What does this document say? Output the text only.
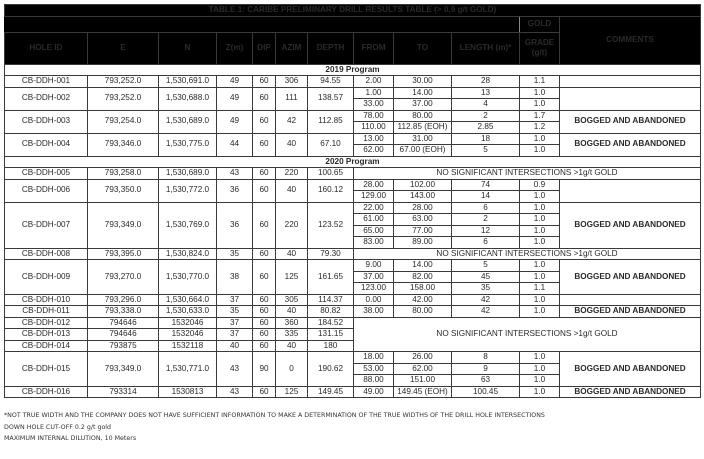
TABLE 1: CARIBE PRELIMINARY DRILL RESULTS TABLE (> 0.9 g/t GOLD)											
										GOLD	COMMENTS
HOLE ID	E	N	Z(m)	DIP	AZIM	DEPTH	FROM	TO	LENGTH (m)*	GRADE (g/t)	
2019 Program											
CB-DDH-001	793,252.0	1,530,691.0	49	60	306	94.55	2.00	30.00	28	1.1	
CB-DDH-002	793,252.0	1,530,688.0	49	60	111	138.57	1.00	14.00	13	1.0	
							33.00	37.00	4	1.0	
CB-DDH-003	793,254.0	1,530,689.0	49	60	42	112.85	78.00	80.00	2	1.7	BOGGED AND ABANDONED
							110.00	112.85 (EOH)	2.85	1.2	
CB-DDH-004	793,346.0	1,530,775.0	44	60	40	67.10	13.00	31.00	18	1.0	BOGGED AND ABANDONED
							62.00	67.00 (EOH)	5	1.0	
2020 Program											
CB-DDH-005	793,258.0	1,530,689.0	43	60	220	100.65	NO SIGNIFICANT INTERSECTIONS >1g/t GOLD				
CB-DDH-006	793,350.0	1,530,772.0	36	60	40	160.12	28.00	102.00	74	0.9	
							129.00	143.00	14	1.0	
CB-DDH-007	793,349.0	1,530,769.0	36	60	220	123.52	22.00	28.00	6	1.0	BOGGED AND ABANDONED
							61.00	63.00	2	1.0	
							65.00	77.00	12	1.0	
							83.00	89.00	6	1.0	
CB-DDH-008	793,395.0	1,530,824.0	35	60	40	79.30	NO SIGNIFICANT INTERSECTIONS >1g/t GOLD				
CB-DDH-009	793,270.0	1,530,770.0	38	60	125	161.65	9.00	14.00	5	1.0	BOGGED AND ABANDONED
							37.00	82.00	45	1.0	
							123.00	158.00	35	1.1	
CB-DDH-010	793,296.0	1,530,664.0	37	60	305	114.37	0.00	42.00	42	1.0	
CB-DDH-011	793,338.0	1,530,633.0	35	60	40	80.82	38.00	80.00	42	1.0	BOGGED AND ABANDONED
CB-DDH-012	794646	1532046	37	60	360	184.52	NO SIGNIFICANT INTERSECTIONS >1g/t GOLD				
CB-DDH-013	794646	1532046	37	60	335	131.15					
CB-DDH-014	793875	1532118	40	60	40	180					
CB-DDH-015	793,349.0	1,530,771.0	43	90	0	190.62	18.00	26.00	8	1.0	BOGGED AND ABANDONED
							53.00	62.00	9	1.0	
							88.00	151.00	63	1.0	
CB-DDH-016	793314	1530813	43	60	125	149.45	49.00	149.45 (EOH)	100.45	1.0	BOGGED AND ABANDONED
*NOT TRUE WIDTH AND THE COMPANY DOES NOT HAVE SUFFICIENT INFORMATION TO MAKE A DETERMINATION OF THE TRUE WIDTHS OF THE DRILL HOLE INTERSECTIONS
DOWN HOLE CUT-OFF 0.2 g/t gold
MAXIMUM INTERNAL DILUTION, 10 Meters
